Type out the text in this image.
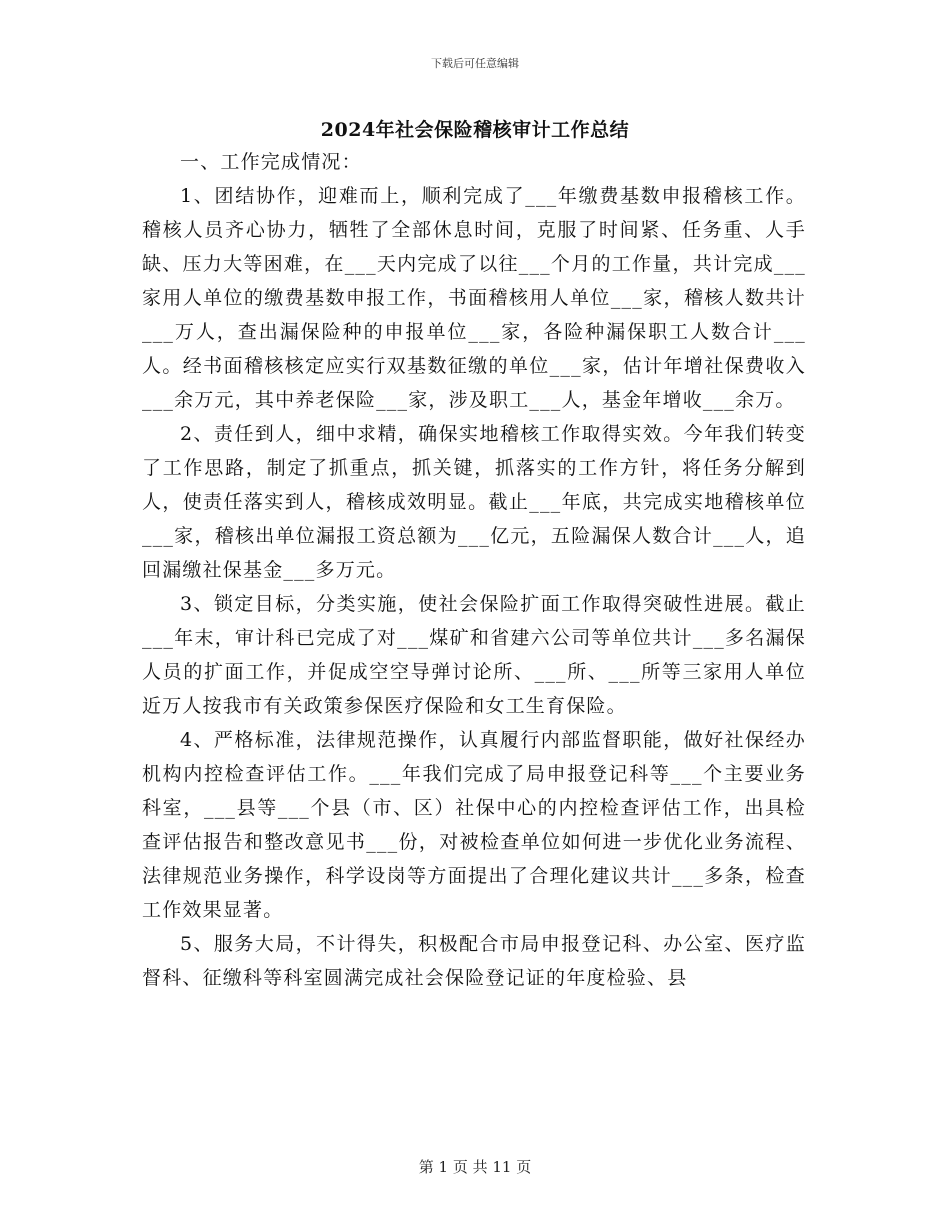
下载后可任意编辑
2024年社会保险稽核审计工作总结

一、工作完成情况：

1、团结协作，迎难而上，顺利完成了___年缴费基数申报稽核工作。稽核人员齐心协力，牺牲了全部休息时间，克服了时间紧、任务重、人手缺、压力大等困难，在___天内完成了以往___个月的工作量，共计完成___家用人单位的缴费基数申报工作，书面稽核用人单位___家，稽核人数共计___万人，查出漏保险种的申报单位___家，各险种漏保职工人数合计___人。经书面稽核核定应实行双基数征缴的单位___家，估计年增社保费收入___余万元，其中养老保险___家，涉及职工___人，基金年增收___余万。

2、责任到人，细中求精，确保实地稽核工作取得实效。今年我们转变了工作思路，制定了抓重点，抓关键，抓落实的工作方针，将任务分解到人，使责任落实到人，稽核成效明显。截止___年底，共完成实地稽核单位___家，稽核出单位漏报工资总额为___亿元，五险漏保人数合计___人，追回漏缴社保基金___多万元。

3、锁定目标，分类实施，使社会保险扩面工作取得突破性进展。截止___年末，审计科已完成了对___煤矿和省建六公司等单位共计___多名漏保人员的扩面工作，并促成空空导弹讨论所、___所、___所等三家用人单位近万人按我市有关政策参保医疗保险和女工生育保险。

4、严格标准，法律规范操作，认真履行内部监督职能，做好社保经办机构内控检查评估工作。___年我们完成了局申报登记科等___个主要业务科室，___县等___个县（市、区）社保中心的内控检查评估工作，出具检查评估报告和整改意见书___份，对被检查单位如何进一步优化业务流程、法律规范业务操作，科学设岗等方面提出了合理化建议共计___多条，检查工作效果显著。

5、服务大局，不计得失，积极配合市局申报登记科、办公室、医疗监督科、征缴科等科室圆满完成社会保险登记证的年度检验、县

第 1 页 共 11 页
